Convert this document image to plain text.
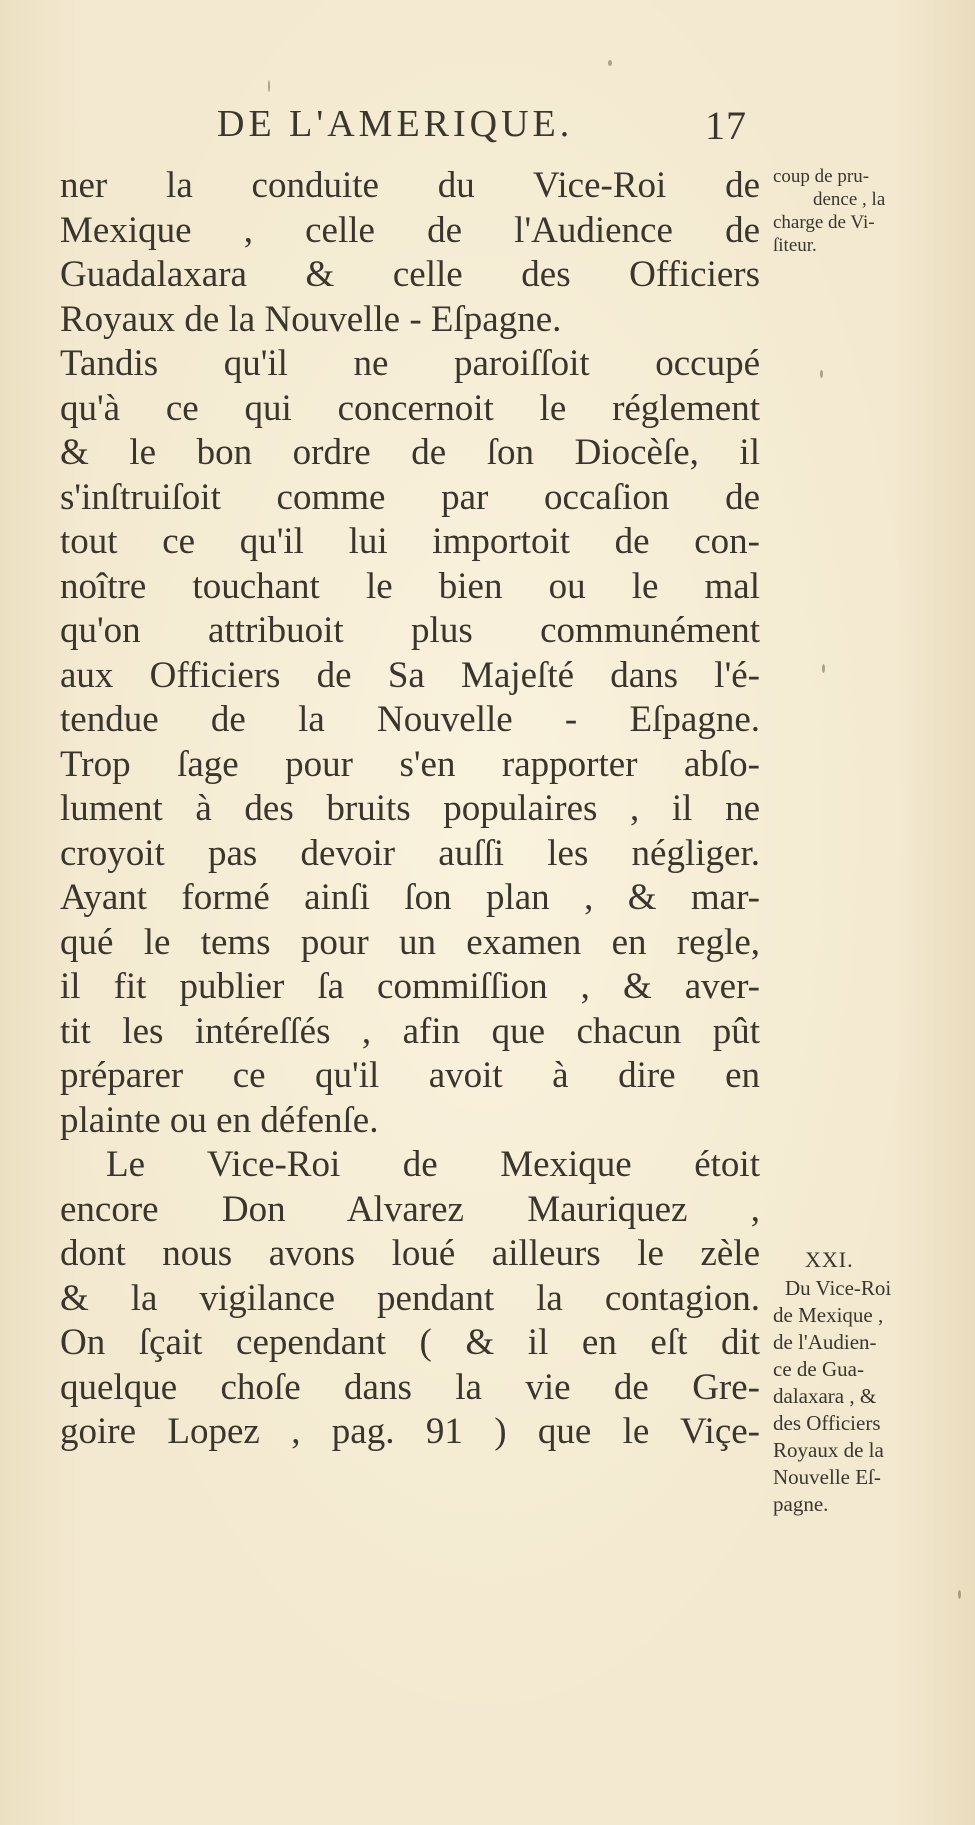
DE L'AMERIQUE.	17
ner la conduite du Vice-Roi de
Mexique , celle de l'Audience de
Guadalaxara & celle des Officiers
Royaux de la Nouvelle - Eſpagne.
Tandis qu'il ne paroiſſoit occupé
qu'à ce qui concernoit le réglement
& le bon ordre de ſon Diocèſe, il
s'inſtruiſoit comme par occaſion de
tout ce qu'il lui importoit de con-
noître touchant le bien ou le mal
qu'on attribuoit plus communément
aux Officiers de Sa Majeſté dans l'é-
tendue de la Nouvelle - Eſpagne.
Trop ſage pour s'en rapporter abſo-
lument à des bruits populaires , il ne
croyoit pas devoir auſſi les négliger.
Ayant formé ainſi ſon plan , & mar-
qué le tems pour un examen en regle,
il fit publier ſa commiſſion , & aver-
tit les intéreſſés , afin que chacun pût
préparer ce qu'il avoit à dire en
plainte ou en défenſe.
Le Vice-Roi de Mexique étoit
encore Don Alvarez Mauriquez ,
dont nous avons loué ailleurs le zèle
& la vigilance pendant la contagion.
On ſçait cependant ( & il en eſt dit
quelque choſe dans la vie de Gre-
goire Lopez , pag. 91 ) que le Viçe-
coup de pru-
dence , la
charge de Vi-
ſiteur.
XXI.
Du Vice-Roi
de Mexique ,
de l'Audien-
ce de Gua-
dalaxara , &
des Officiers
Royaux de la
Nouvelle Eſ-
pagne.
